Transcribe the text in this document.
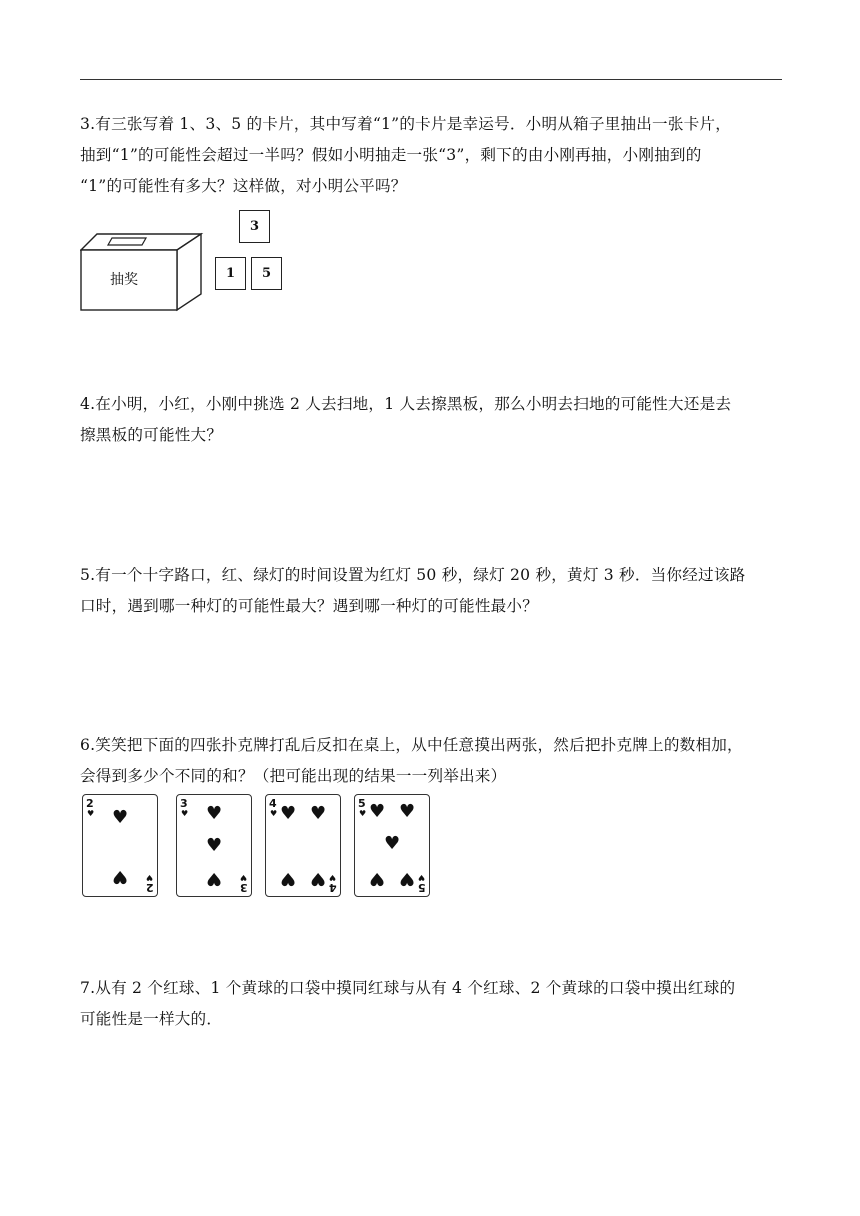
3.有三张写着 1、3、5 的卡片，其中写着“1”的卡片是幸运号．小明从箱子里抽出一张卡片，

抽到“1”的可能性会超过一半吗？假如小明抽走一张“3”，剩下的由小刚再抽，小刚抽到的

“1”的可能性有多大？这样做，对小明公平吗？

抽奖
3
1	5

4.在小明，小红，小刚中挑选 2 人去扫地，1 人去擦黑板，那么小明去扫地的可能性大还是去

擦黑板的可能性大？

5.有一个十字路口，红、绿灯的时间设置为红灯 50 秒，绿灯 20 秒，黄灯 3 秒．当你经过该路

口时，遇到哪一种灯的可能性最大？遇到哪一种灯的可能性最小？

6.笑笑把下面的四张扑克牌打乱后反扣在桌上，从中任意摸出两张，然后把扑克牌上的数相加，

会得到多少个不同的和？（把可能出现的结果一一列举出来）

2
♥ ♥
♥ ♥
2
3
♥ ♥
♥
♥ ♥
3
4
♥ ♥ ♥
♥ ♥ ♥
4
5
♥ ♥ ♥
♥
♥ ♥ ♥
5

7.从有 2 个红球、1 个黄球的口袋中摸同红球与从有 4 个红球、2 个黄球的口袋中摸出红球的

可能性是一样大的．
